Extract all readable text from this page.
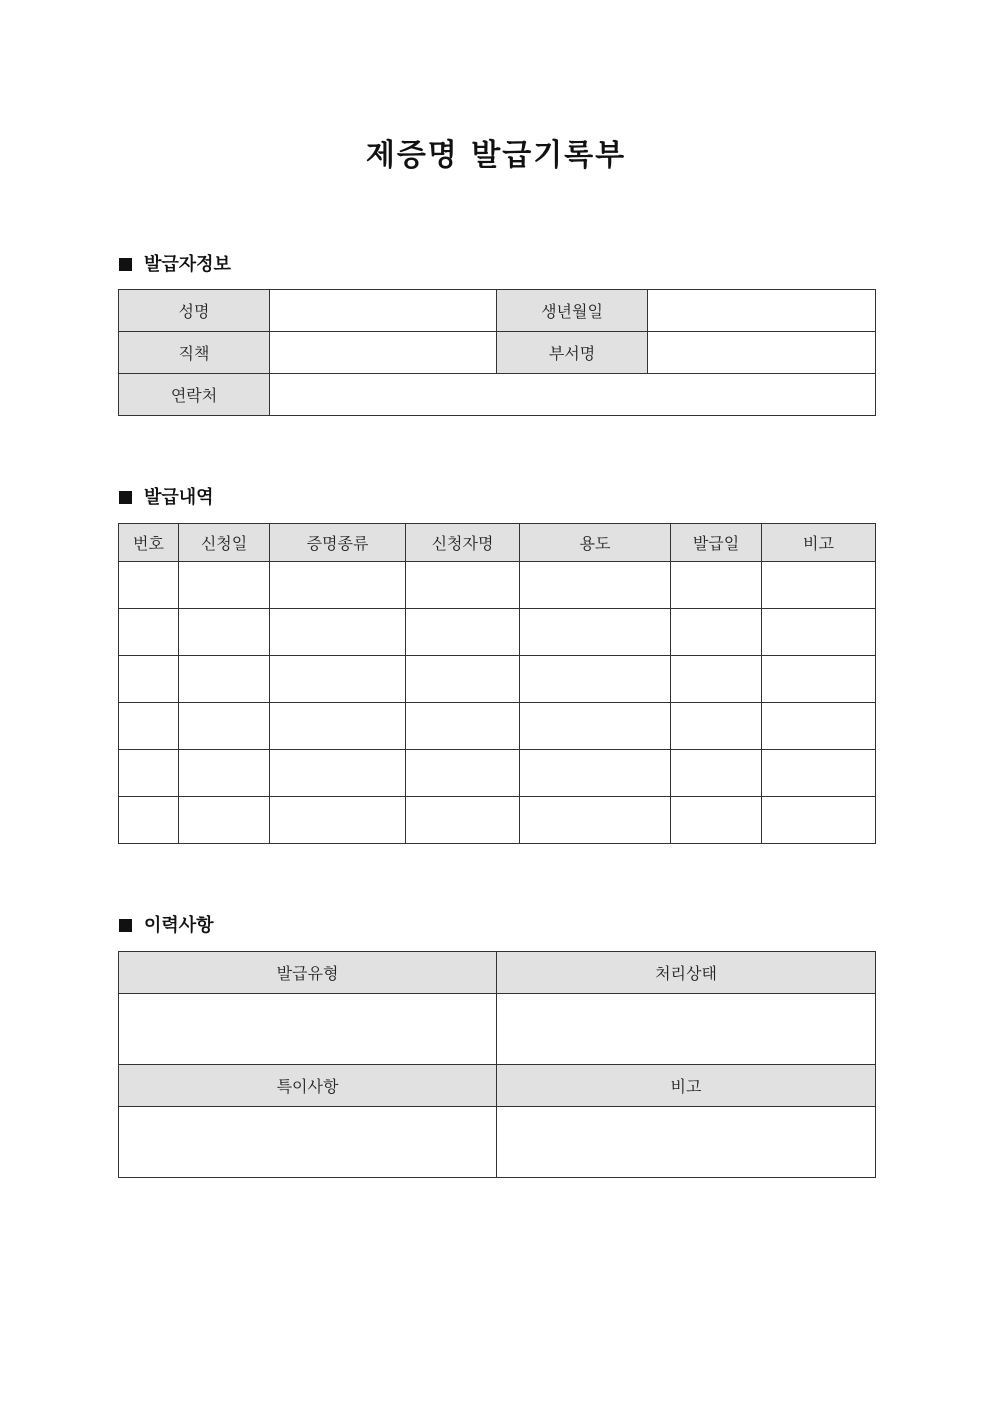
제증명 발급기록부
발급자정보
성명		생년월일	
직책		부서명	
연락처			
발급내역
번호	신청일	증명종류	신청자명	용도	발급일	비고

이력사항
발급유형	처리상태

특이사항	비고
